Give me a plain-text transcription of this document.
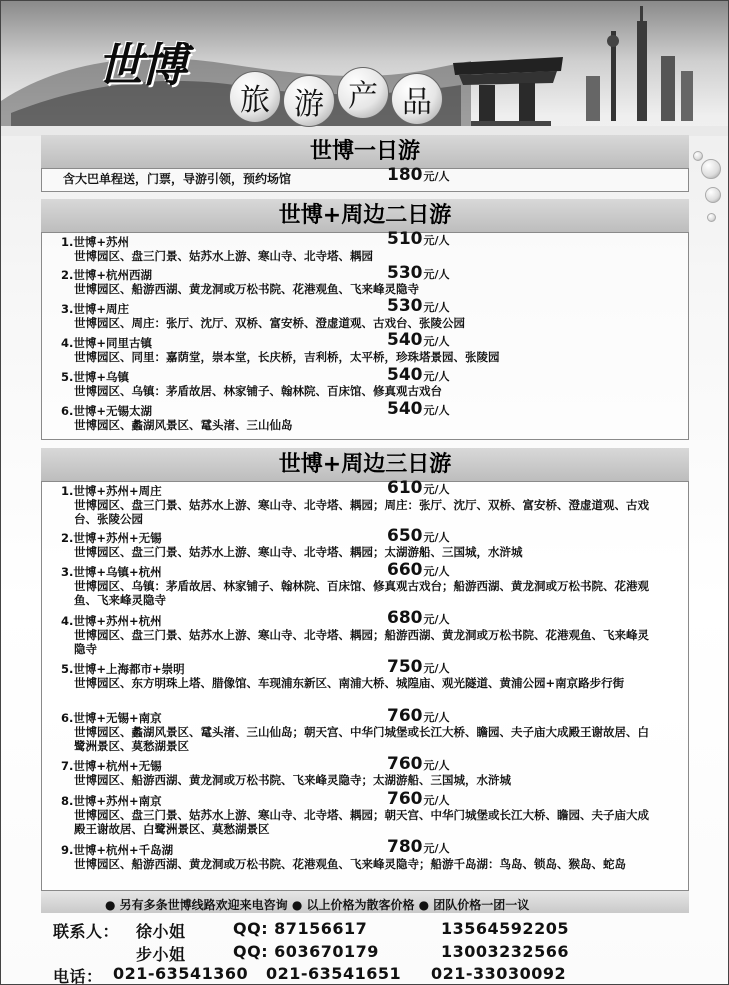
世博
旅 游 产 品
世博一日游
含大巴单程送，门票，导游引领，预约场馆	180元/人
世博+周边二日游
1.世博+苏州
世博园区、盘三门景、姑苏水上游、寒山寺、北寺塔、耦园
510元/人
2.世博+杭州西湖
世博园区、船游西湖、黄龙洞或万松书院、花港观鱼、飞来峰灵隐寺
530元/人
3.世博+周庄
世博园区、周庄：张厅、沈厅、双桥、富安桥、澄虚道观、古戏台、张陵公园
530元/人
4.世博+同里古镇
世博园区、同里：嘉荫堂，崇本堂，长庆桥，吉利桥，太平桥，珍珠塔景园、张陵园
540元/人
5.世博+乌镇
世博园区、乌镇：茅盾故居、林家铺子、翰林院、百床馆、修真观古戏台
540元/人
6.世博+无锡太湖
世博园区、蠡湖风景区、鼋头渚、三山仙岛
540元/人
世博+周边三日游
1.世博+苏州+周庄
世博园区、盘三门景、姑苏水上游、寒山寺、北寺塔、耦园；周庄：张厅、沈厅、双桥、富安桥、澄虚道观、古戏台、张陵公园
610元/人
2.世博+苏州+无锡
世博园区、盘三门景、姑苏水上游、寒山寺、北寺塔、耦园；太湖游船、三国城，水浒城
650元/人
3.世博+乌镇+杭州
世博园区、乌镇：茅盾故居、林家铺子、翰林院、百床馆、修真观古戏台；船游西湖、黄龙洞或万松书院、花港观鱼、飞来峰灵隐寺
660元/人
4.世博+苏州+杭州
世博园区、盘三门景、姑苏水上游、寒山寺、北寺塔、耦园；船游西湖、黄龙洞或万松书院、花港观鱼、飞来峰灵隐寺
680元/人
5.世博+上海都市+崇明
世博园区、东方明珠上塔、腊像馆、车现浦东新区、南浦大桥、城隍庙、观光隧道、黄浦公园+南京路步行街
750元/人
6.世博+无锡+南京
世博园区、蠡湖风景区、鼋头渚、三山仙岛；朝天宫、中华门城堡或长江大桥、瞻园、夫子庙大成殿王谢故居、白鹭洲景区、莫愁湖景区
760元/人
7.世博+杭州+无锡
世博园区、船游西湖、黄龙洞或万松书院、飞来峰灵隐寺；太湖游船、三国城，水浒城
760元/人
8.世博+苏州+南京
世博园区、盘三门景、姑苏水上游、寒山寺、北寺塔、耦园；朝天宫、中华门城堡或长江大桥、瞻园、夫子庙大成殿王谢故居、白鹭洲景区、莫愁湖景区
760元/人
9.世博+杭州+千岛湖
世博园区、船游西湖、黄龙洞或万松书院、花港观鱼、飞来峰灵隐寺；船游千岛湖：鸟岛、锁岛、猴岛、蛇岛
780元/人
● 另有多条世博线路欢迎来电咨询 ● 以上价格为散客价格 ● 团队价格一团一议
联系人： 徐小姐	QQ: 87156617	13564592205
步小姐	QQ: 603670179	13003232566
电话： 021-63541360 021-63541651 021-33030092
